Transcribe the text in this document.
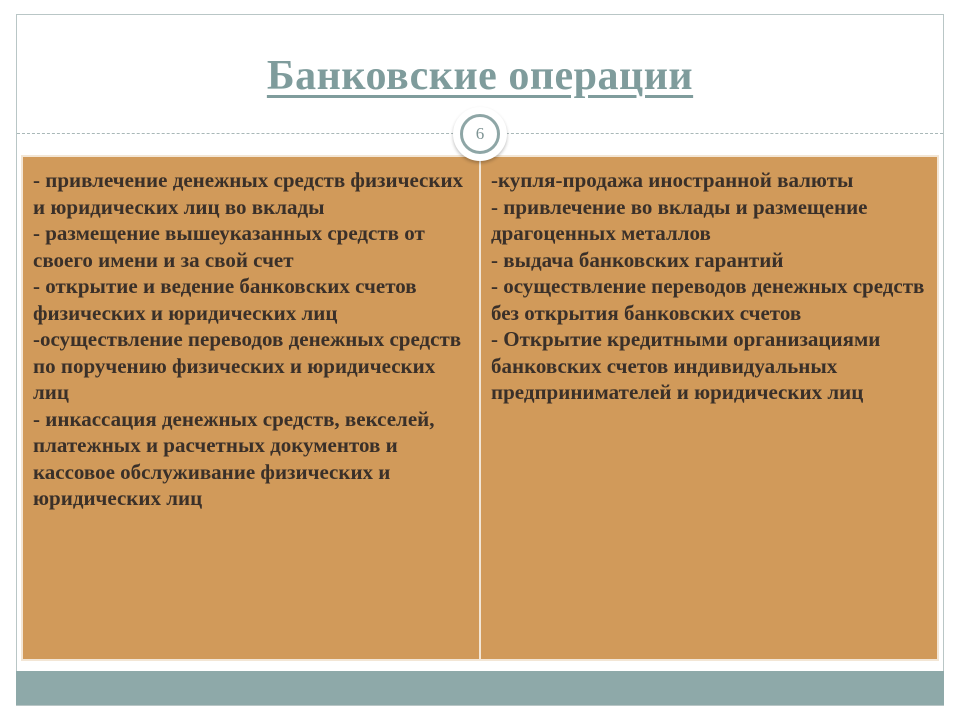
Банковские операции
6

- привлечение денежных средств физических и юридических лиц во вклады

- размещение вышеуказанных средств от своего имени и за свой счет

- открытие и ведение банковских счетов физических и юридических лиц

-осуществление переводов денежных средств по поручению физических и юридических лиц

- инкассация денежных средств, векселей, платежных и расчетных документов и кассовое обслуживание физических и юридических лиц

-купля-продажа иностранной валюты

- привлечение во вклады и размещение драгоценных металлов

- выдача банковских гарантий

- осуществление переводов денежных средств без открытия банковских счетов

- Открытие кредитными организациями банковских счетов индивидуальных предпринимателей и юридических лиц
